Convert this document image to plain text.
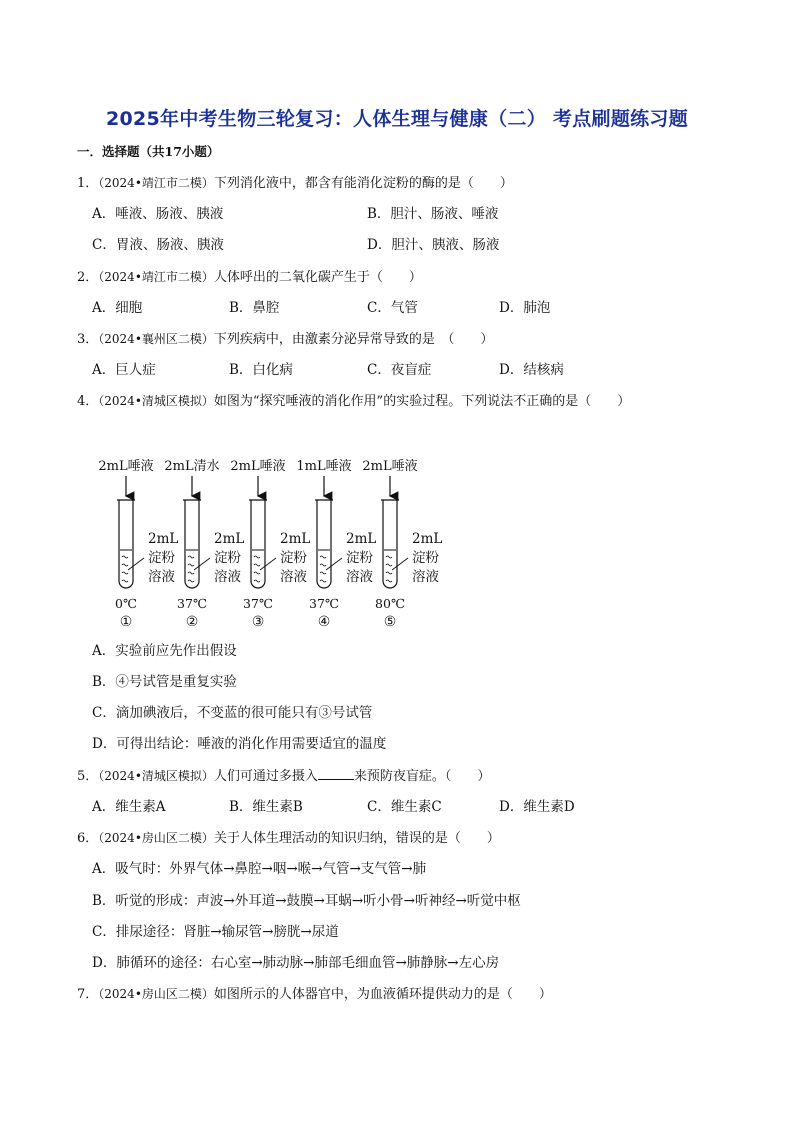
2025年中考生物三轮复习：人体生理与健康（二） 考点刷题练习题
一．选择题（共17小题）
1．（2024•靖江市二模）下列消化液中，都含有能消化淀粉的酶的是（　　）
A．唾液、肠液、胰液	B．胆汁、肠液、唾液
C．胃液、肠液、胰液	D．胆汁、胰液、肠液
2．（2024•靖江市二模）人体呼出的二氧化碳产生于（　　）
A．细胞	B．鼻腔	C．气管	D．肺泡
3．（2024•襄州区二模）下列疾病中，由激素分泌异常导致的是　（　　）
A．巨人症	B．白化病	C．夜盲症	D．结核病
4．（2024•清城区模拟）如图为“探究唾液的消化作用”的实验过程。下列说法不正确的是（　　）
2mL唾液
2mL
淀粉
溶液
0℃
①
2mL清水
2mL
淀粉
溶液
37℃
②
2mL唾液
2mL
淀粉
溶液
37℃
③
1mL唾液
2mL
淀粉
溶液
37℃
④
2mL唾液
2mL
淀粉
溶液
80℃
⑤
A．实验前应先作出假设
B．④号试管是重复实验
C．滴加碘液后，不变蓝的很可能只有③号试管
D．可得出结论：唾液的消化作用需要适宜的温度
5．（2024•清城区模拟）人们可通过多摄入	来预防夜盲症。（　　）
A．维生素A	B．维生素B	C．维生素C	D．维生素D
6．（2024•房山区二模）关于人体生理活动的知识归纳，错误的是（　　）
A．吸气时：外界气体→鼻腔→咽→喉→气管→支气管→肺
B．听觉的形成：声波→外耳道→鼓膜→耳蜗→听小骨→听神经→听觉中枢
C．排尿途径：肾脏→输尿管→膀胱→尿道
D．肺循环的途径：右心室→肺动脉→肺部毛细血管→肺静脉→左心房
7．（2024•房山区二模）如图所示的人体器官中，为血液循环提供动力的是（　　）
